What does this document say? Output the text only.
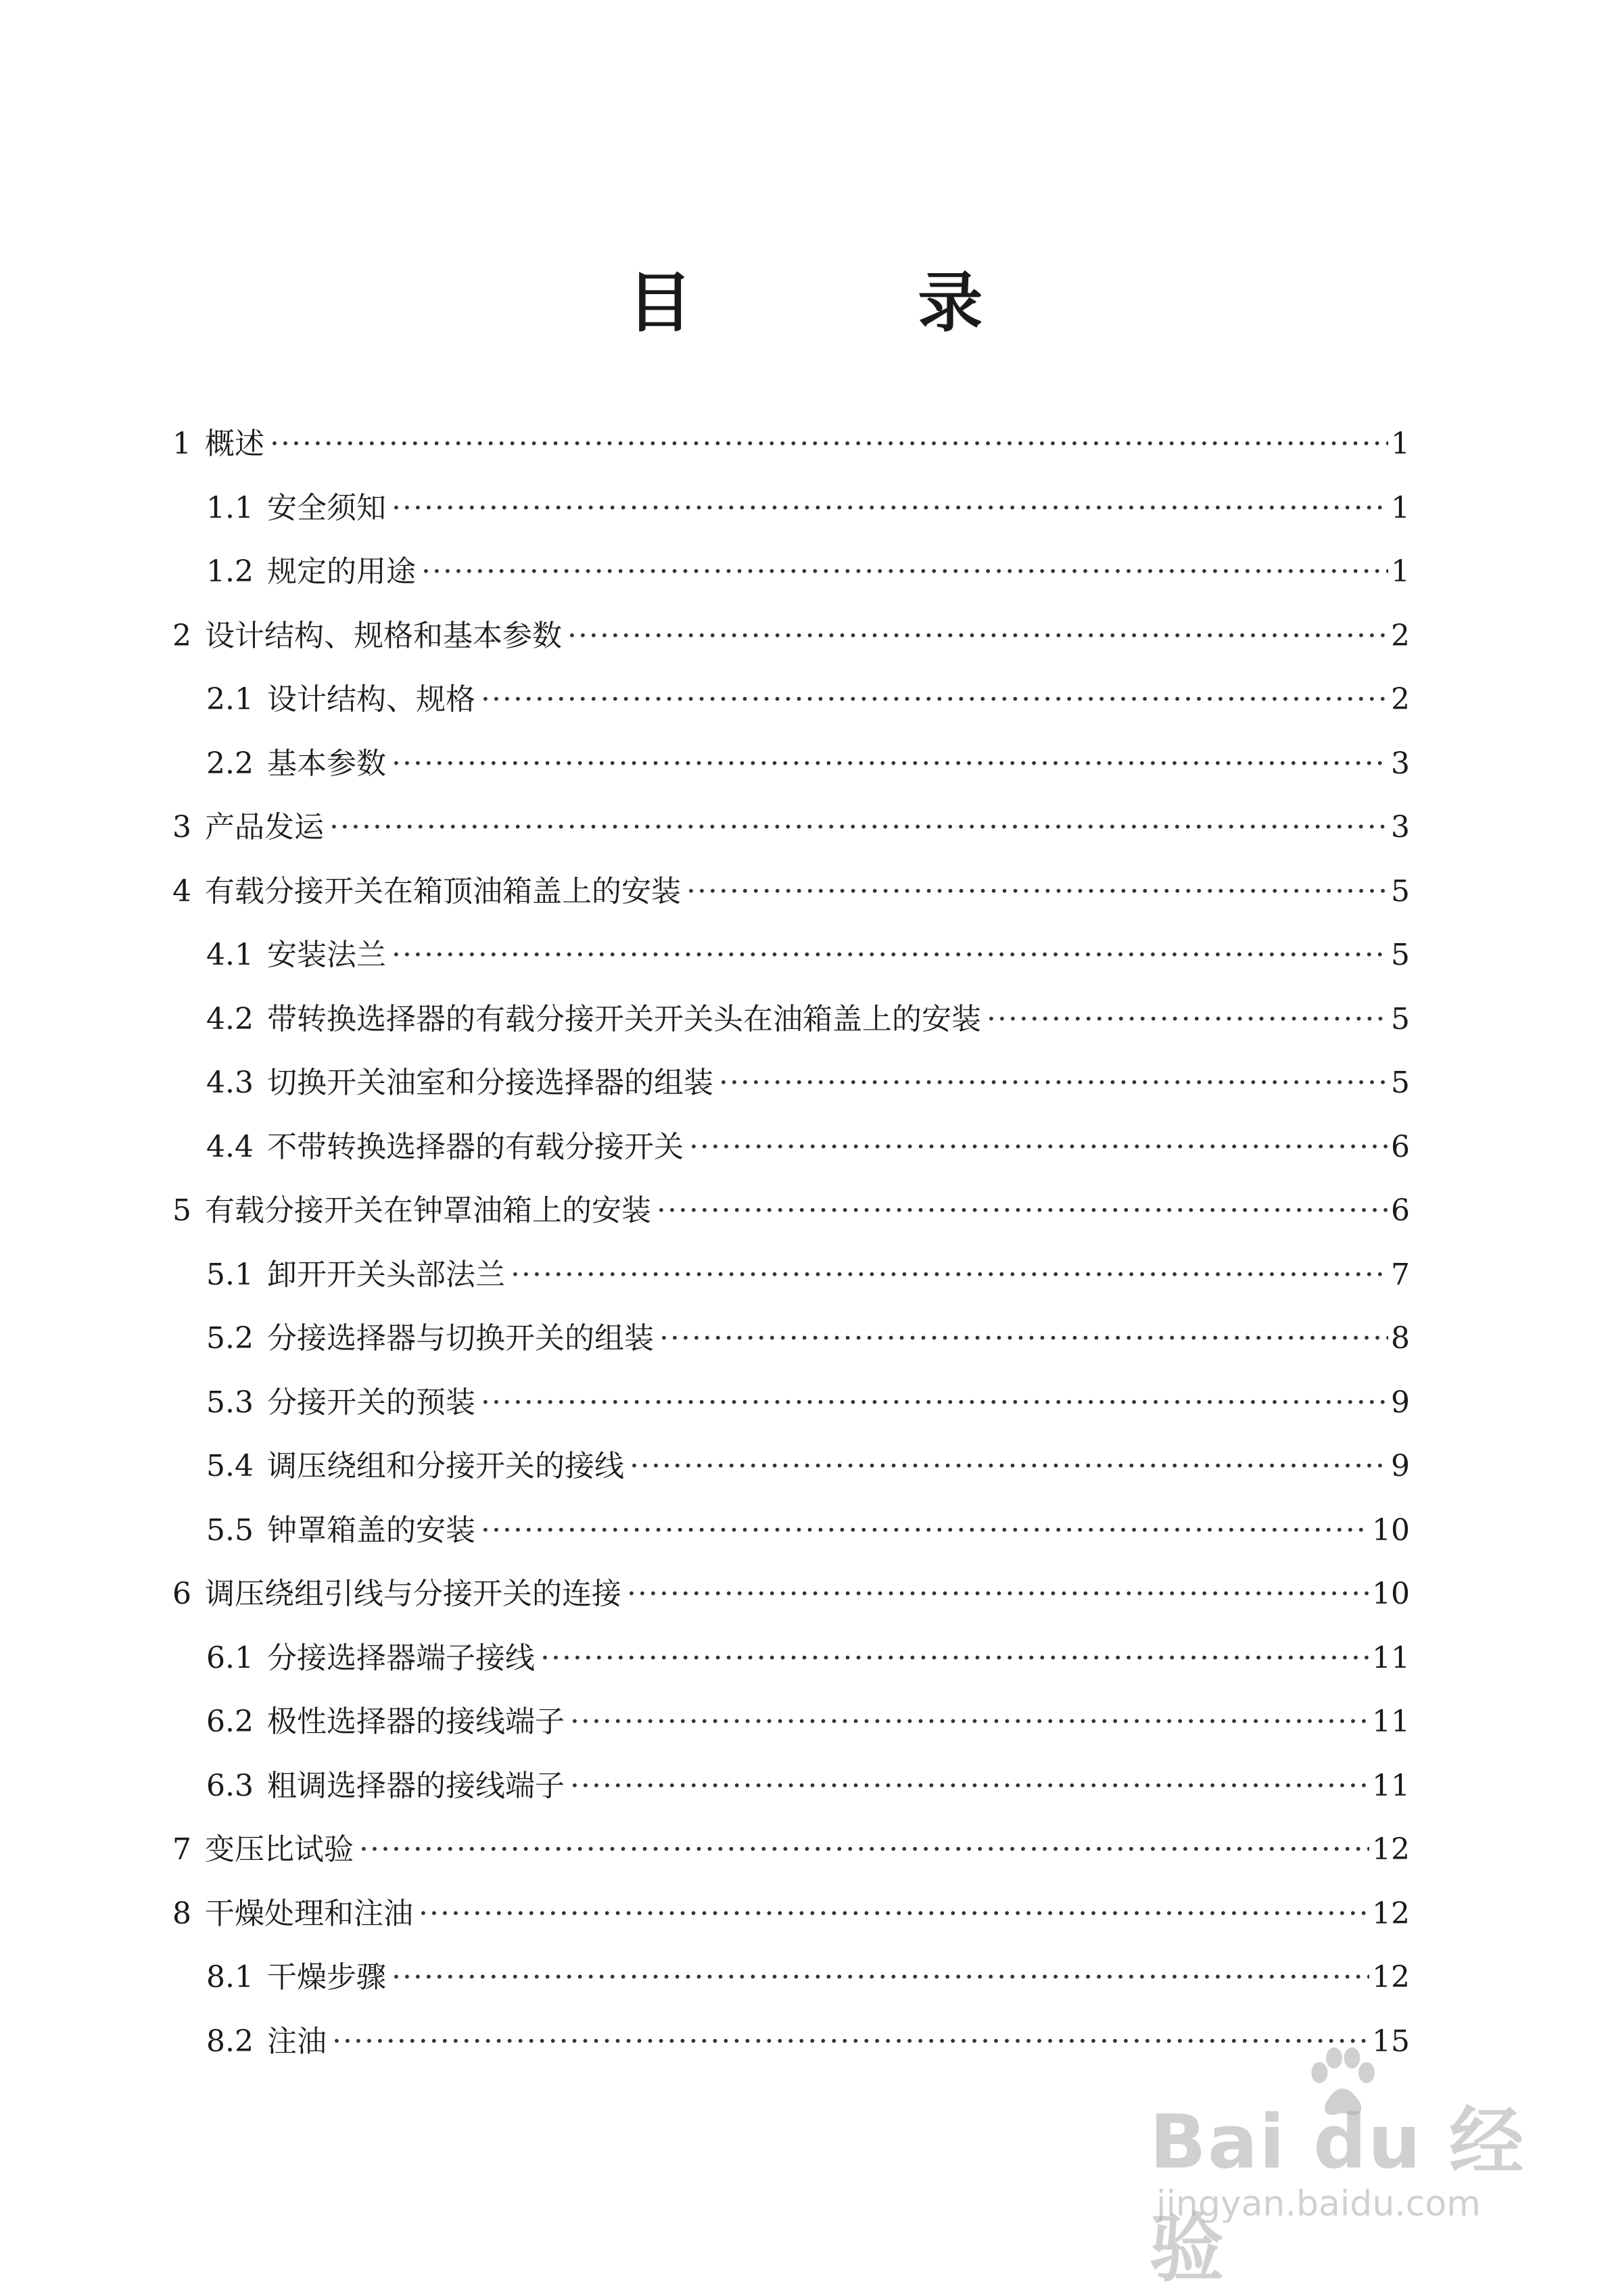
目 录
1 概述 ·····	1
1.1 安全须知 ·····	1
1.2 规定的用途 ·····	1
2 设计结构、规格和基本参数 ·····	2
2.1 设计结构、规格 ·····	2
2.2 基本参数 ·····	3
3 产品发运 ·····	3
4 有载分接开关在箱顶油箱盖上的安装 ·····	5
4.1 安装法兰 ·····	5
4.2 带转换选择器的有载分接开关开关头在油箱盖上的安装 ·····	5
4.3 切换开关油室和分接选择器的组装 ·····	5
4.4 不带转换选择器的有载分接开关 ·····	6
5 有载分接开关在钟罩油箱上的安装 ·····	6
5.1 卸开开关头部法兰 ·····	7
5.2 分接选择器与切换开关的组装 ·····	8
5.3 分接开关的预装 ·····	9
5.4 调压绕组和分接开关的接线 ·····	9
5.5 钟罩箱盖的安装 ·····	10
6 调压绕组引线与分接开关的连接 ·····	10
6.1 分接选择器端子接线 ·····	11
6.2 极性选择器的接线端子 ·····	11
6.3 粗调选择器的接线端子 ·····	11
7 变压比试验 ·····	12
8 干燥处理和注油 ·····	12
8.1 干燥步骤 ·····	12
8.2 注油 ·····	15
Bai du 经验
jingyan.baidu.com
